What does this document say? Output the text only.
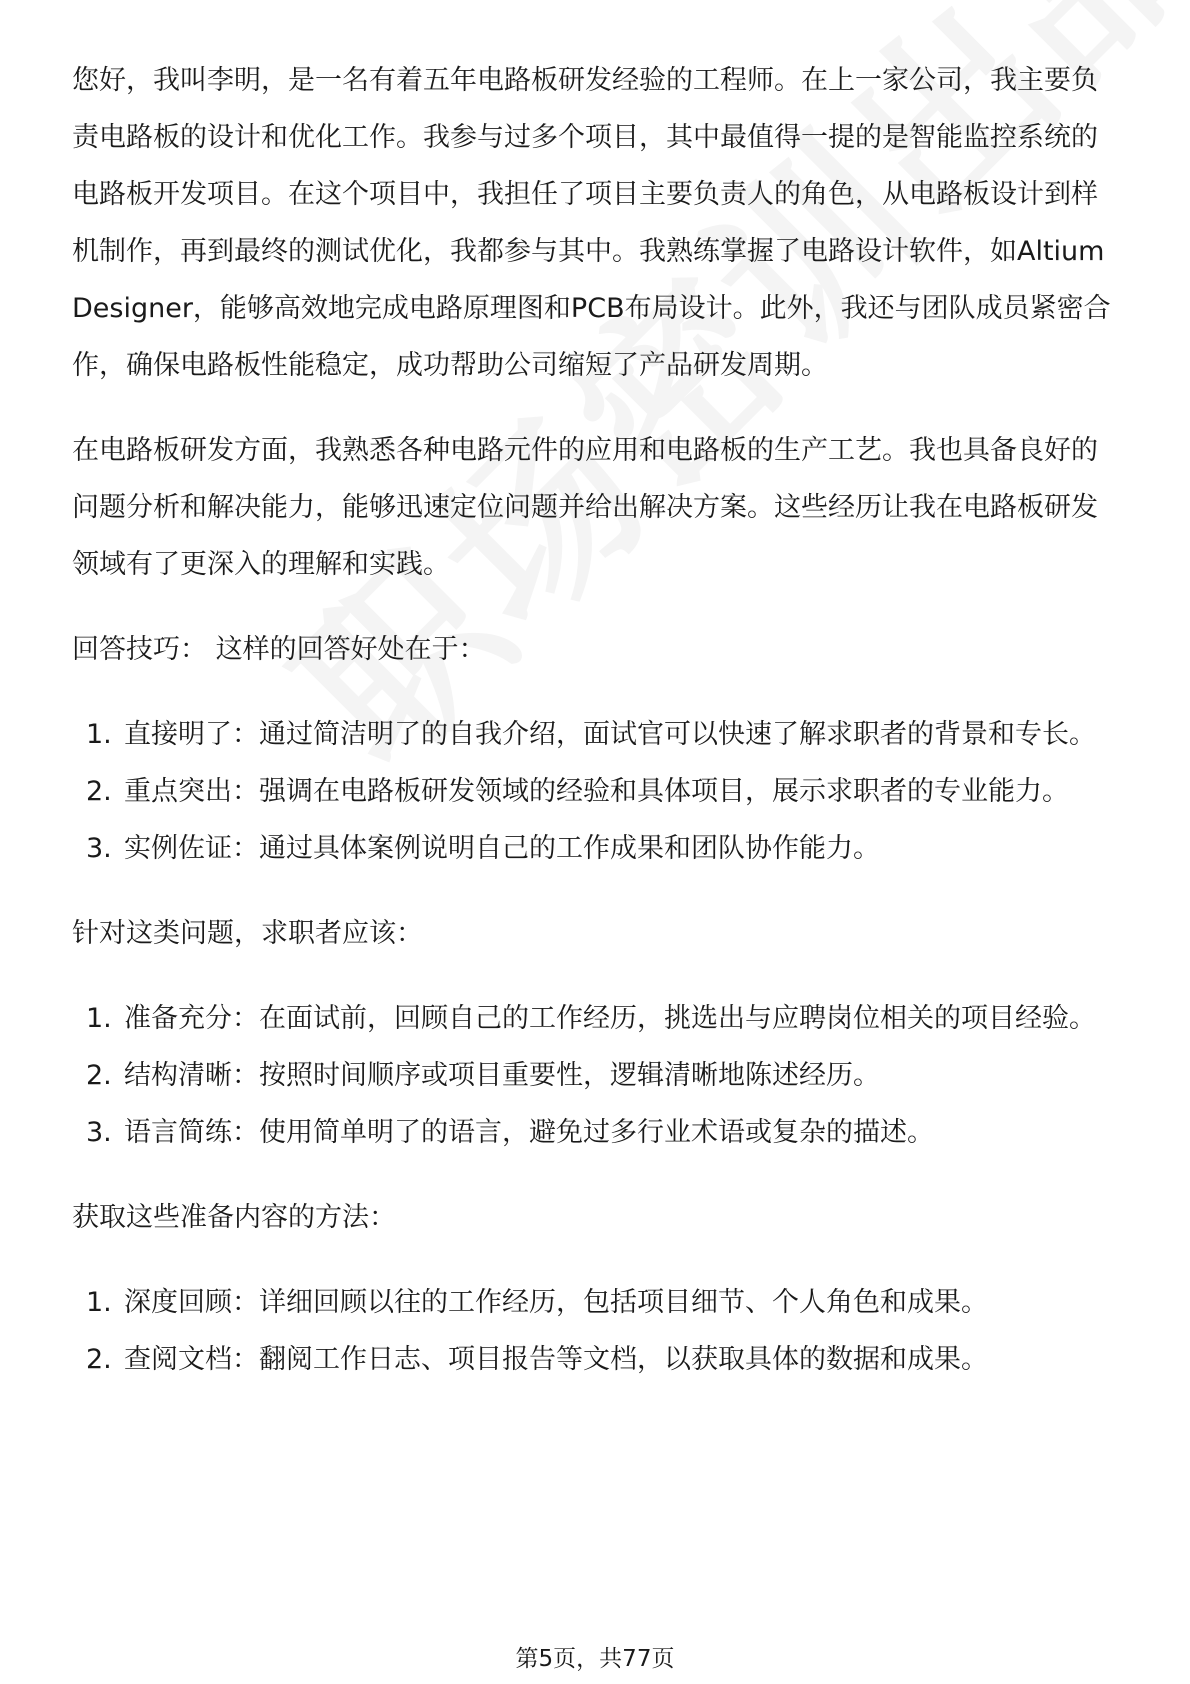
您好，我叫李明，是一名有着五年电路板研发经验的工程师。在上一家公司，我主要负责电路板的设计和优化工作。我参与过多个项目，其中最值得一提的是智能监控系统的电路板开发项目。在这个项目中，我担任了项目主要负责人的角色，从电路板设计到样机制作，再到最终的测试优化，我都参与其中。我熟练掌握了电路设计软件，如Altium Designer，能够高效地完成电路原理图和PCB布局设计。此外，我还与团队成员紧密合作，确保电路板性能稳定，成功帮助公司缩短了产品研发周期。

在电路板研发方面，我熟悉各种电路元件的应用和电路板的生产工艺。我也具备良好的问题分析和解决能力，能够迅速定位问题并给出解决方案。这些经历让我在电路板研发领域有了更深入的理解和实践。

回答技巧： 这样的回答好处在于：

1. 直接明了：通过简洁明了的自我介绍，面试官可以快速了解求职者的背景和专长。
2. 重点突出：强调在电路板研发领域的经验和具体项目，展示求职者的专业能力。
3. 实例佐证：通过具体案例说明自己的工作成果和团队协作能力。

针对这类问题，求职者应该：

1. 准备充分：在面试前，回顾自己的工作经历，挑选出与应聘岗位相关的项目经验。
2. 结构清晰：按照时间顺序或项目重要性，逻辑清晰地陈述经历。
3. 语言简练：使用简单明了的语言，避免过多行业术语或复杂的描述。

获取这些准备内容的方法：

1. 深度回顾：详细回顾以往的工作经历，包括项目细节、个人角色和成果。
2. 查阅文档：翻阅工作日志、项目报告等文档，以获取具体的数据和成果。
第5页，共77页
